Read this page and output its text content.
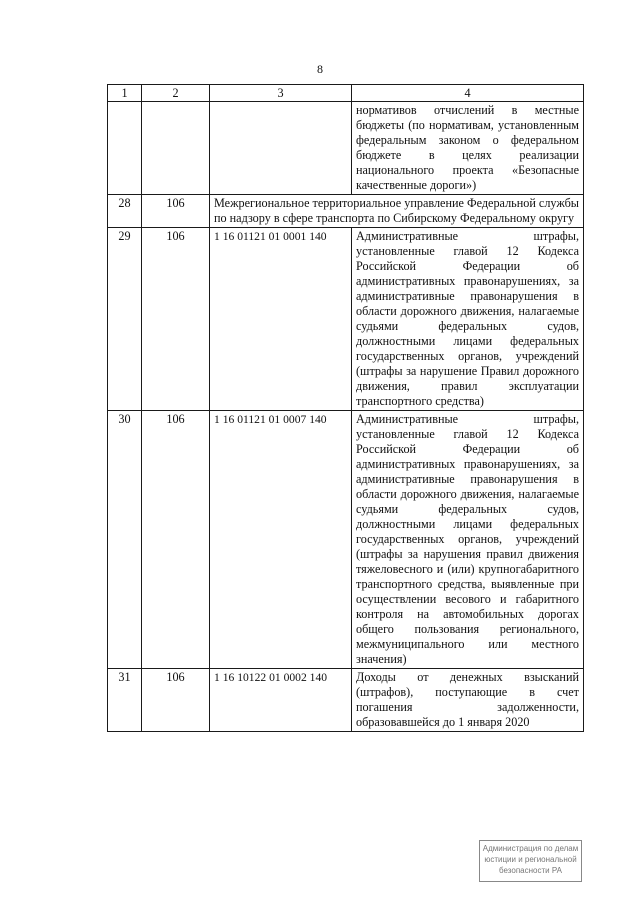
8
1	2	3	4
			нормативов отчислений в местные бюджеты (по нормативам, установленным федеральным законом о федеральном бюджете в целях реализации национального проекта «Безопасные качественные дороги»)
28	106	Межрегиональное территориальное управление Федеральной службы по надзору в сфере транспорта по Сибирскому Федеральному округу	
29	106	1 16 01121 01 0001 140	Административные штрафы, установленные главой 12 Кодекса Российской Федерации об административных правонарушениях, за административные правонарушения в области дорожного движения, налагаемые судьями федеральных судов, должностными лицами федеральных государственных органов, учреждений (штрафы за нарушение Правил дорожного движения, правил эксплуатации транспортного средства)
30	106	1 16 01121 01 0007 140	Административные штрафы, установленные главой 12 Кодекса Российской Федерации об административных правонарушениях, за административные правонарушения в области дорожного движения, налагаемые судьями федеральных судов, должностными лицами федеральных государственных органов, учреждений (штрафы за нарушения правил движения тяжеловесного и (или) крупногабаритного транспортного средства, выявленные при осуществлении весового и габаритного контроля на автомобильных дорогах общего пользования регионального, межмуниципального или местного значения)
31	106	1 16 10122 01 0002 140	Доходы от денежных взысканий (штрафов), поступающие в счет погашения задолженности, образовавшейся до 1 января 2020
Администрация по делам
юстиции и региональной
безопасности РА
